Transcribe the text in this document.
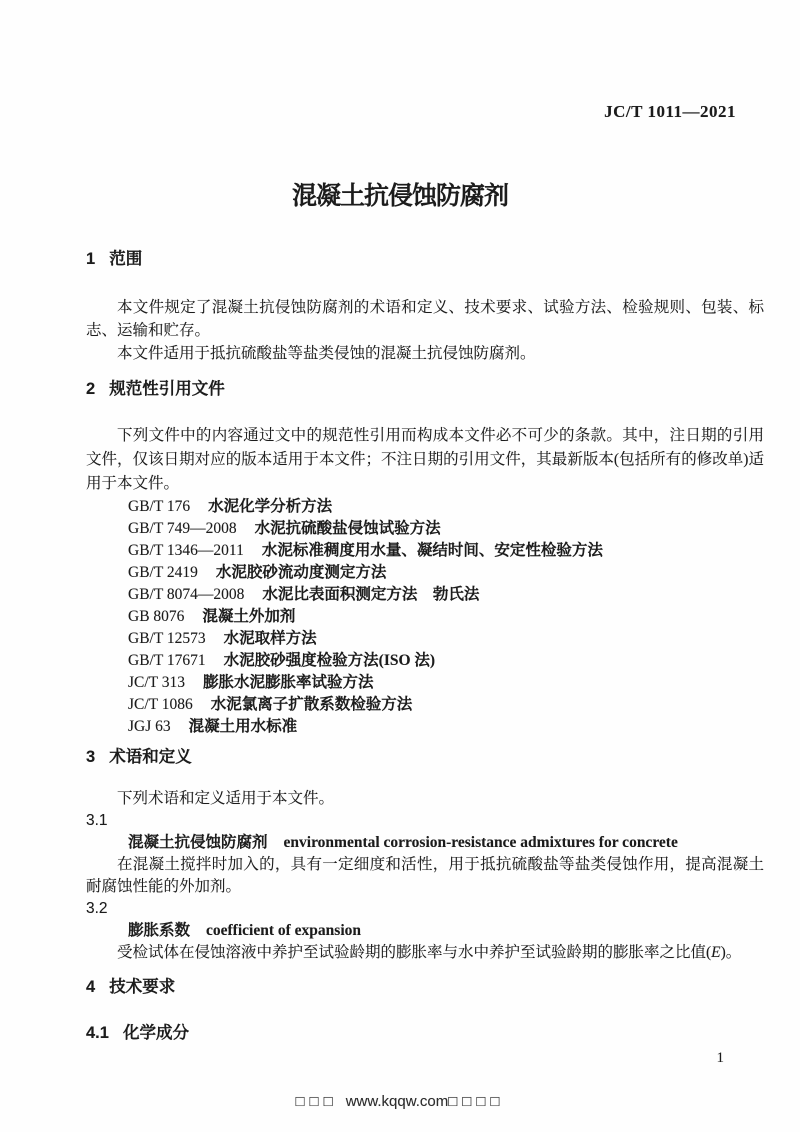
JC/T 1011—2021
混凝土抗侵蚀防腐剂
1 范围

本文件规定了混凝土抗侵蚀防腐剂的术语和定义、技术要求、试验方法、检验规则、包装、标志、运输和贮存。

本文件适用于抵抗硫酸盐等盐类侵蚀的混凝土抗侵蚀防腐剂。

2 规范性引用文件

下列文件中的内容通过文中的规范性引用而构成本文件必不可少的条款。其中，注日期的引用文件，仅该日期对应的版本适用于本文件；不注日期的引用文件，其最新版本(包括所有的修改单)适用于本文件。

GB/T 176 水泥化学分析方法
GB/T 749—2008 水泥抗硫酸盐侵蚀试验方法
GB/T 1346—2011 水泥标准稠度用水量、凝结时间、安定性检验方法
GB/T 2419 水泥胶砂流动度测定方法
GB/T 8074—2008 水泥比表面积测定方法　勃氏法
GB 8076 混凝土外加剂
GB/T 12573 水泥取样方法
GB/T 17671 水泥胶砂强度检验方法(ISO 法)
JC/T 313 膨胀水泥膨胀率试验方法
JC/T 1086 水泥氯离子扩散系数检验方法
JGJ 63 混凝土用水标准
3 术语和定义

下列术语和定义适用于本文件。

3.1
混凝土抗侵蚀防腐剂 environmental corrosion-resistance admixtures for concrete

在混凝土搅拌时加入的，具有一定细度和活性，用于抵抗硫酸盐等盐类侵蚀作用，提高混凝土耐腐蚀性能的外加剂。

3.2
膨胀系数 coefficient of expansion

受检试体在侵蚀溶液中养护至试验龄期的膨胀率与水中养护至试验龄期的膨胀率之比值(E)。

4 技术要求
4.1 化学成分
1
□□□ www.kqqw.com□□□□
